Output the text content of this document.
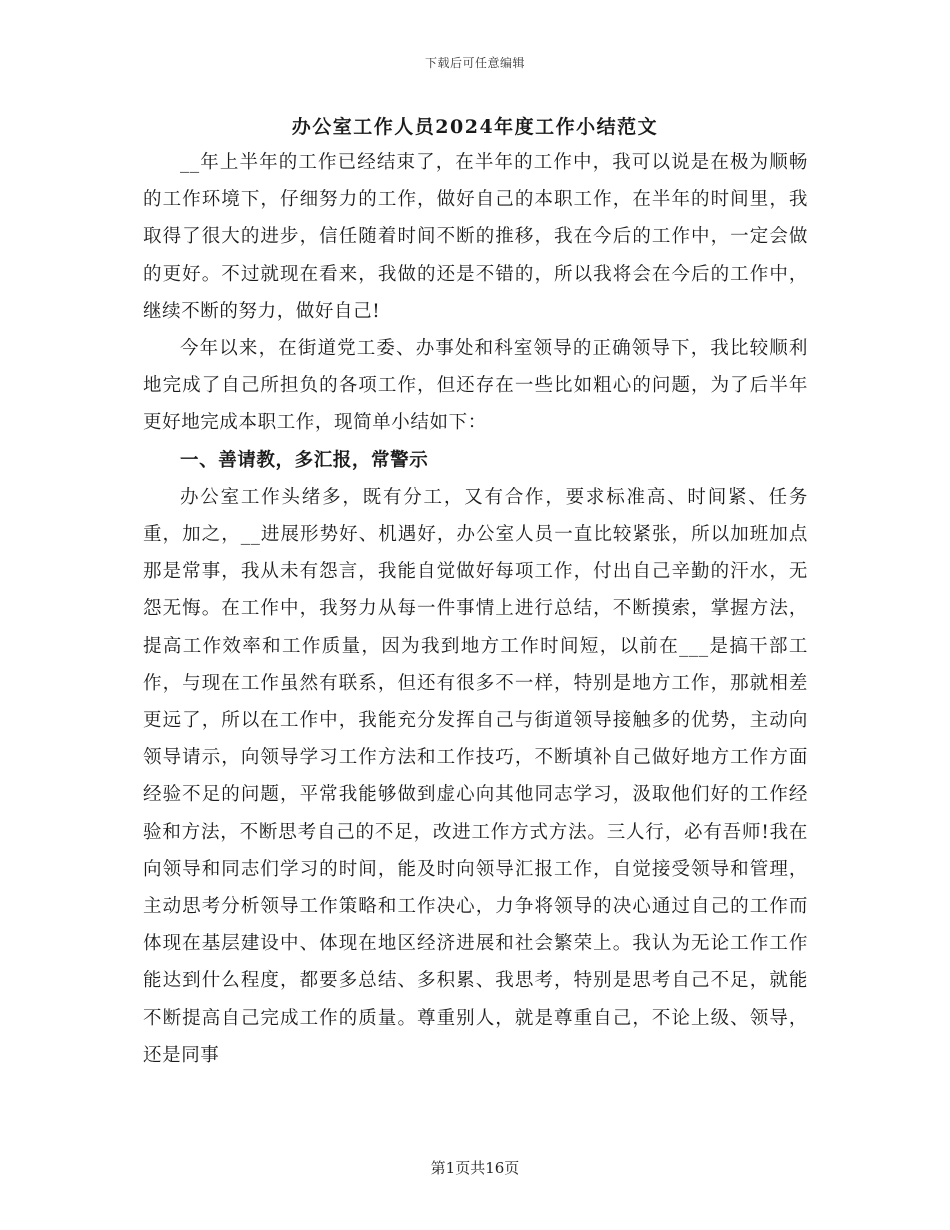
下载后可任意编辑
办公室工作人员2024年度工作小结范文

__年上半年的工作已经结束了，在半年的工作中，我可以说是在极为顺畅的工作环境下，仔细努力的工作，做好自己的本职工作，在半年的时间里，我取得了很大的进步，信任随着时间不断的推移，我在今后的工作中，一定会做的更好。不过就现在看来，我做的还是不错的，所以我将会在今后的工作中，继续不断的努力，做好自己!

今年以来，在街道党工委、办事处和科室领导的正确领导下，我比较顺利地完成了自己所担负的各项工作，但还存在一些比如粗心的问题，为了后半年更好地完成本职工作，现简单小结如下：

一、善请教，多汇报，常警示

办公室工作头绪多，既有分工，又有合作，要求标准高、时间紧、任务重，加之，__进展形势好、机遇好，办公室人员一直比较紧张，所以加班加点那是常事，我从未有怨言，我能自觉做好每项工作，付出自己辛勤的汗水，无怨无悔。在工作中，我努力从每一件事情上进行总结，不断摸索，掌握方法，提高工作效率和工作质量，因为我到地方工作时间短，以前在___是搞干部工作，与现在工作虽然有联系，但还有很多不一样，特别是地方工作，那就相差更远了，所以在工作中，我能充分发挥自己与街道领导接触多的优势，主动向领导请示，向领导学习工作方法和工作技巧，不断填补自己做好地方工作方面经验不足的问题，平常我能够做到虚心向其他同志学习，汲取他们好的工作经验和方法，不断思考自己的不足，改进工作方式方法。三人行，必有吾师!我在向领导和同志们学习的时间，能及时向领导汇报工作，自觉接受领导和管理，主动思考分析领导工作策略和工作决心，力争将领导的决心通过自己的工作而体现在基层建设中、体现在地区经济进展和社会繁荣上。我认为无论工作工作能达到什么程度，都要多总结、多积累、我思考，特别是思考自己不足，就能不断提高自己完成工作的质量。尊重别人，就是尊重自己，不论上级、领导，还是同事

第1页共16页
